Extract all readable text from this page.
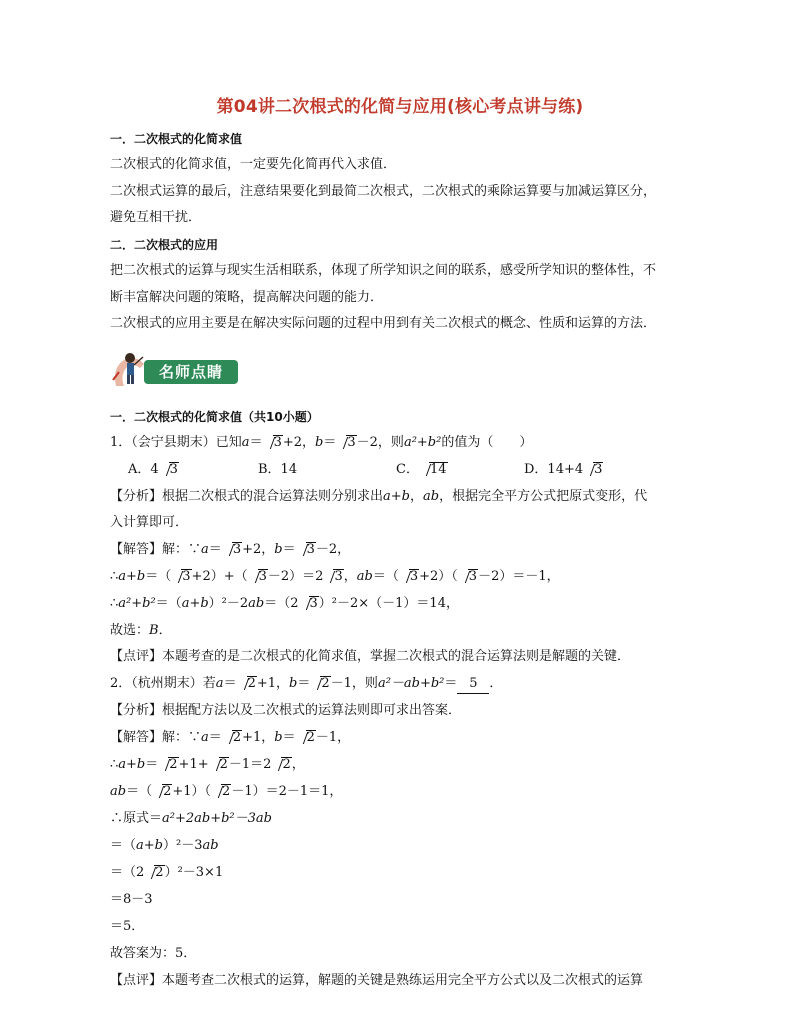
第04讲二次根式的化简与应用(核心考点讲与练)
一．二次根式的化简求值
二次根式的化简求值，一定要先化简再代入求值．
二次根式运算的最后，注意结果要化到最简二次根式，二次根式的乘除运算要与加减运算区分，
避免互相干扰．
二．二次根式的应用
把二次根式的运算与现实生活相联系，体现了所学知识之间的联系，感受所学知识的整体性，不
断丰富解决问题的策略，提高解决问题的能力．
二次根式的应用主要是在解决实际问题的过程中用到有关二次根式的概念、性质和运算的方法．
一．二次根式的化简求值（共10小题）
1．（会宁县期末）已知a＝ 3+2，b＝ 3－2，则a²+b²的值为（　　）
A．4 3	B．14	C． 14	D．14+4 3
【分析】根据二次根式的混合运算法则分别求出a+b，ab，根据完全平方公式把原式变形，代
入计算即可．
【解答】解：∵a＝ 3+2，b＝ 3－2，
∴a+b＝（ 3+2）+（ 3－2）＝2 3，ab＝（ 3+2）（ 3－2）＝－1，
∴a²+b²＝（a+b）²－2ab＝（2 3）²－2×（－1）＝14，
故选：B．
【点评】本题考查的是二次根式的化简求值，掌握二次根式的混合运算法则是解题的关键．
2．（杭州期末）若a＝ 2+1，b＝ 2－1，则a²－ab+b²＝ 5 ．
【分析】根据配方法以及二次根式的运算法则即可求出答案．
【解答】解：∵a＝ 2+1，b＝ 2－1，
∴a+b＝ 2+1+ 2－1＝2 2，
ab＝（ 2+1）（ 2－1）＝2－1＝1，
∴原式＝a²+2ab+b²－3ab
＝（a+b）²－3ab
＝（2 2）²－3×1
＝8－3
＝5．
故答案为：5．
【点评】本题考查二次根式的运算，解题的关键是熟练运用完全平方公式以及二次根式的运算
名师点睛
